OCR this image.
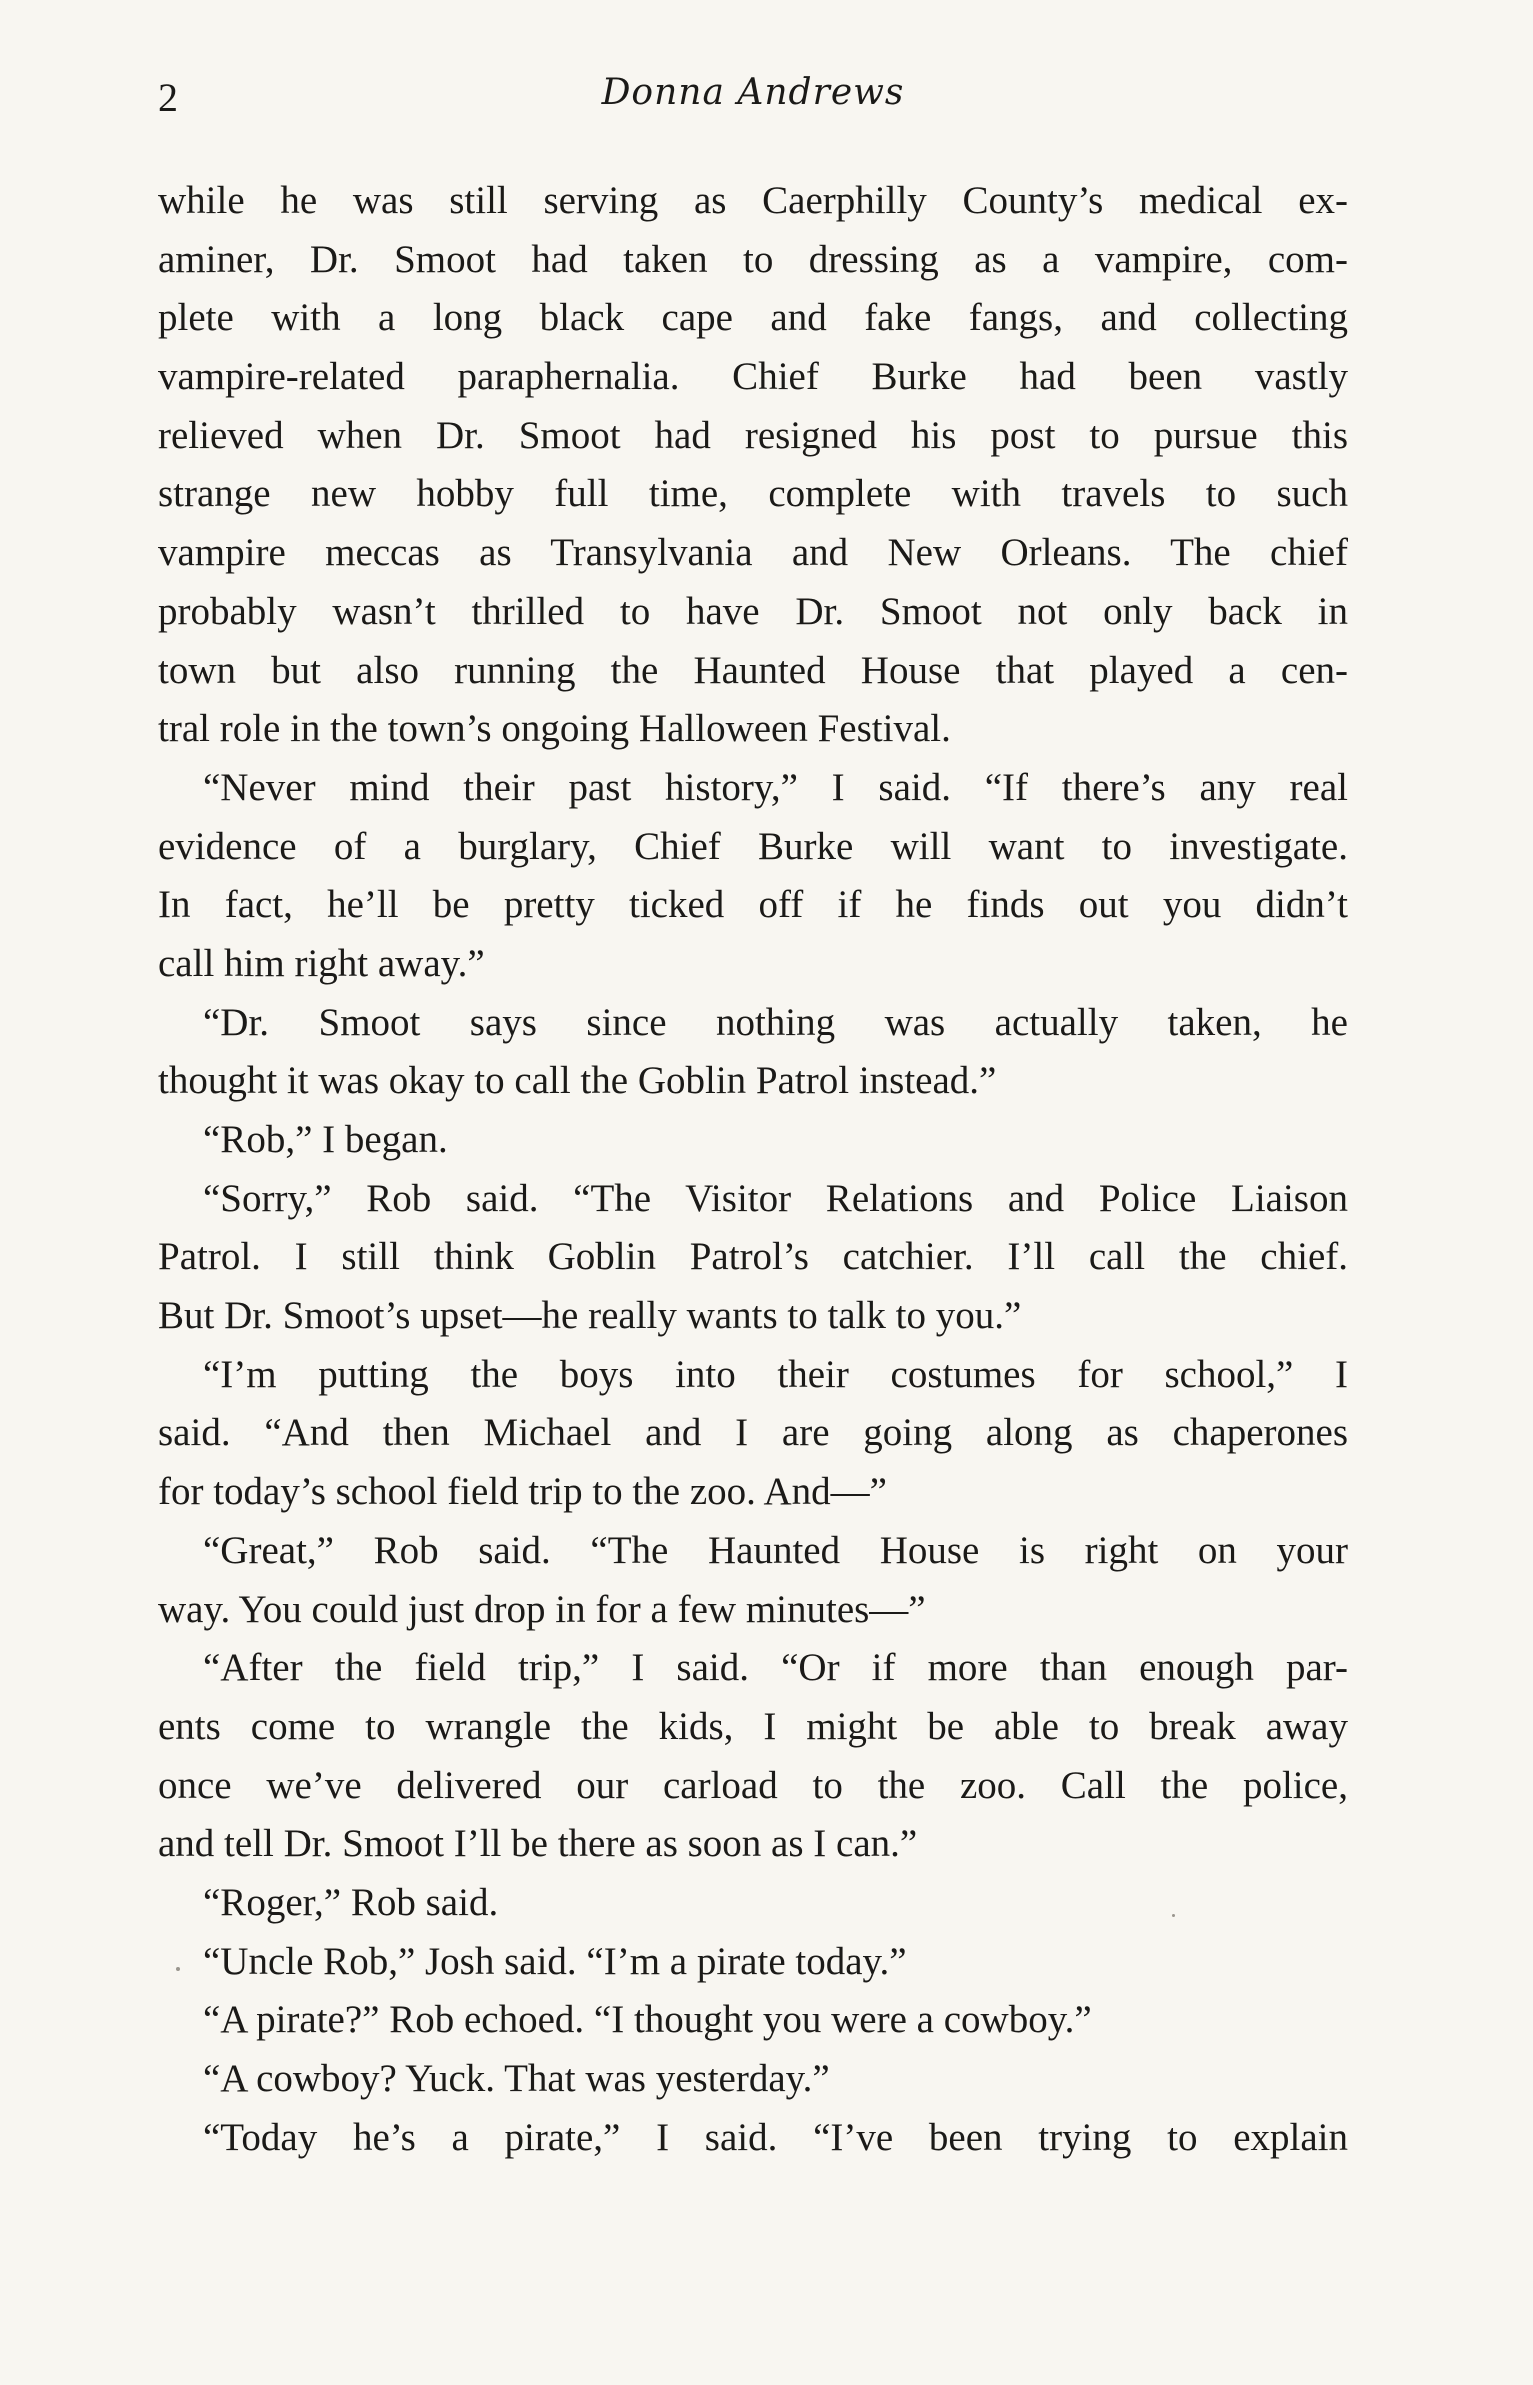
2	Donna Andrews
while he was still serving as Caerphilly County’s medical ex-
aminer, Dr. Smoot had taken to dressing as a vampire, com-
plete with a long black cape and fake fangs, and collecting
vampire-related paraphernalia. Chief Burke had been vastly
relieved when Dr. Smoot had resigned his post to pursue this
strange new hobby full time, complete with travels to such
vampire meccas as Transylvania and New Orleans. The chief
probably wasn’t thrilled to have Dr. Smoot not only back in
town but also running the Haunted House that played a cen-
tral role in the town’s ongoing Halloween Festival.
“Never mind their past history,” I said. “If there’s any real
evidence of a burglary, Chief Burke will want to investigate.
In fact, he’ll be pretty ticked off if he finds out you didn’t
call him right away.”
“Dr. Smoot says since nothing was actually taken, he
thought it was okay to call the Goblin Patrol instead.”
“Rob,” I began.
“Sorry,” Rob said. “The Visitor Relations and Police Liaison
Patrol. I still think Goblin Patrol’s catchier. I’ll call the chief.
But Dr. Smoot’s upset—he really wants to talk to you.”
“I’m putting the boys into their costumes for school,” I
said. “And then Michael and I are going along as chaperones
for today’s school field trip to the zoo. And—”
“Great,” Rob said. “The Haunted House is right on your
way. You could just drop in for a few minutes—”
“After the field trip,” I said. “Or if more than enough par-
ents come to wrangle the kids, I might be able to break away
once we’ve delivered our carload to the zoo. Call the police,
and tell Dr. Smoot I’ll be there as soon as I can.”
“Roger,” Rob said.
“Uncle Rob,” Josh said. “I’m a pirate today.”
“A pirate?” Rob echoed. “I thought you were a cowboy.”
“A cowboy? Yuck. That was yesterday.”
“Today he’s a pirate,” I said. “I’ve been trying to explain
